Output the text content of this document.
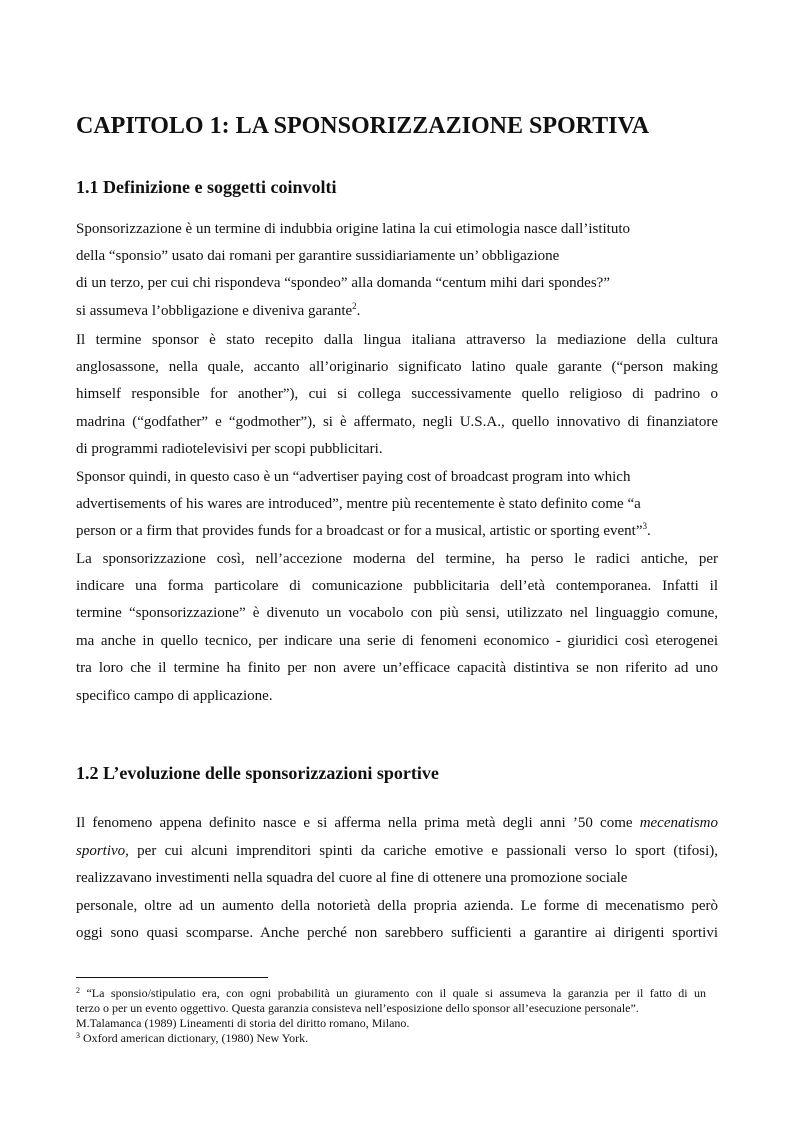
CAPITOLO 1: LA SPONSORIZZAZIONE SPORTIVA
1.1 Definizione e soggetti coinvolti
Sponsorizzazione è un termine di indubbia origine latina la cui etimologia nasce dall’istituto
della “sponsio” usato dai romani per garantire sussidiariamente un’ obbligazione
di un terzo, per cui chi rispondeva “spondeo” alla domanda “centum mihi dari spondes?”
si assumeva l’obbligazione e diveniva garante$^2$.
Il termine sponsor è stato recepito dalla lingua italiana attraverso la mediazione della cultura
anglosassone, nella quale, accanto all’originario significato latino quale garante (“person making
himself responsible for another”), cui si collega successivamente quello religioso di padrino o
madrina (“godfather” e “godmother”), si è affermato, negli U.S.A., quello innovativo di finanziatore
di programmi radiotelevisivi per scopi pubblicitari.
Sponsor quindi, in questo caso è un “advertiser paying cost of broadcast program into which
advertisements of his wares are introduced”, mentre più recentemente è stato definito come “a
person or a firm that provides funds for a broadcast or for a musical, artistic or sporting event”$^3$.
La sponsorizzazione così, nell’accezione moderna del termine, ha perso le radici antiche, per
indicare una forma particolare di comunicazione pubblicitaria dell’età contemporanea. Infatti il
termine “sponsorizzazione” è divenuto un vocabolo con più sensi, utilizzato nel linguaggio comune,
ma anche in quello tecnico, per indicare una serie di fenomeni economico - giuridici così eterogenei
tra loro che il termine ha finito per non avere un’efficace capacità distintiva se non riferito ad uno
specifico campo di applicazione.
1.2 L’evoluzione delle sponsorizzazioni sportive
Il fenomeno appena definito nasce e si afferma nella prima metà degli anni ’50 come mecenatismo
sportivo, per cui alcuni imprenditori spinti da cariche emotive e passionali verso lo sport (tifosi),
realizzavano investimenti nella squadra del cuore al fine di ottenere una promozione sociale
personale, oltre ad un aumento della notorietà della propria azienda. Le forme di mecenatismo però
oggi sono quasi scomparse. Anche perché non sarebbero sufficienti a garantire ai dirigenti sportivi
$^2$ “La sponsio/stipulatio era, con ogni probabilità un giuramento con il quale si assumeva la garanzia per il fatto di un
terzo o per un evento oggettivo. Questa garanzia consisteva nell’esposizione dello sponsor all’esecuzione personale”.
M.Talamanca (1989) Lineamenti di storia del diritto romano, Milano.
$^3$ Oxford american dictionary, (1980) New York.
